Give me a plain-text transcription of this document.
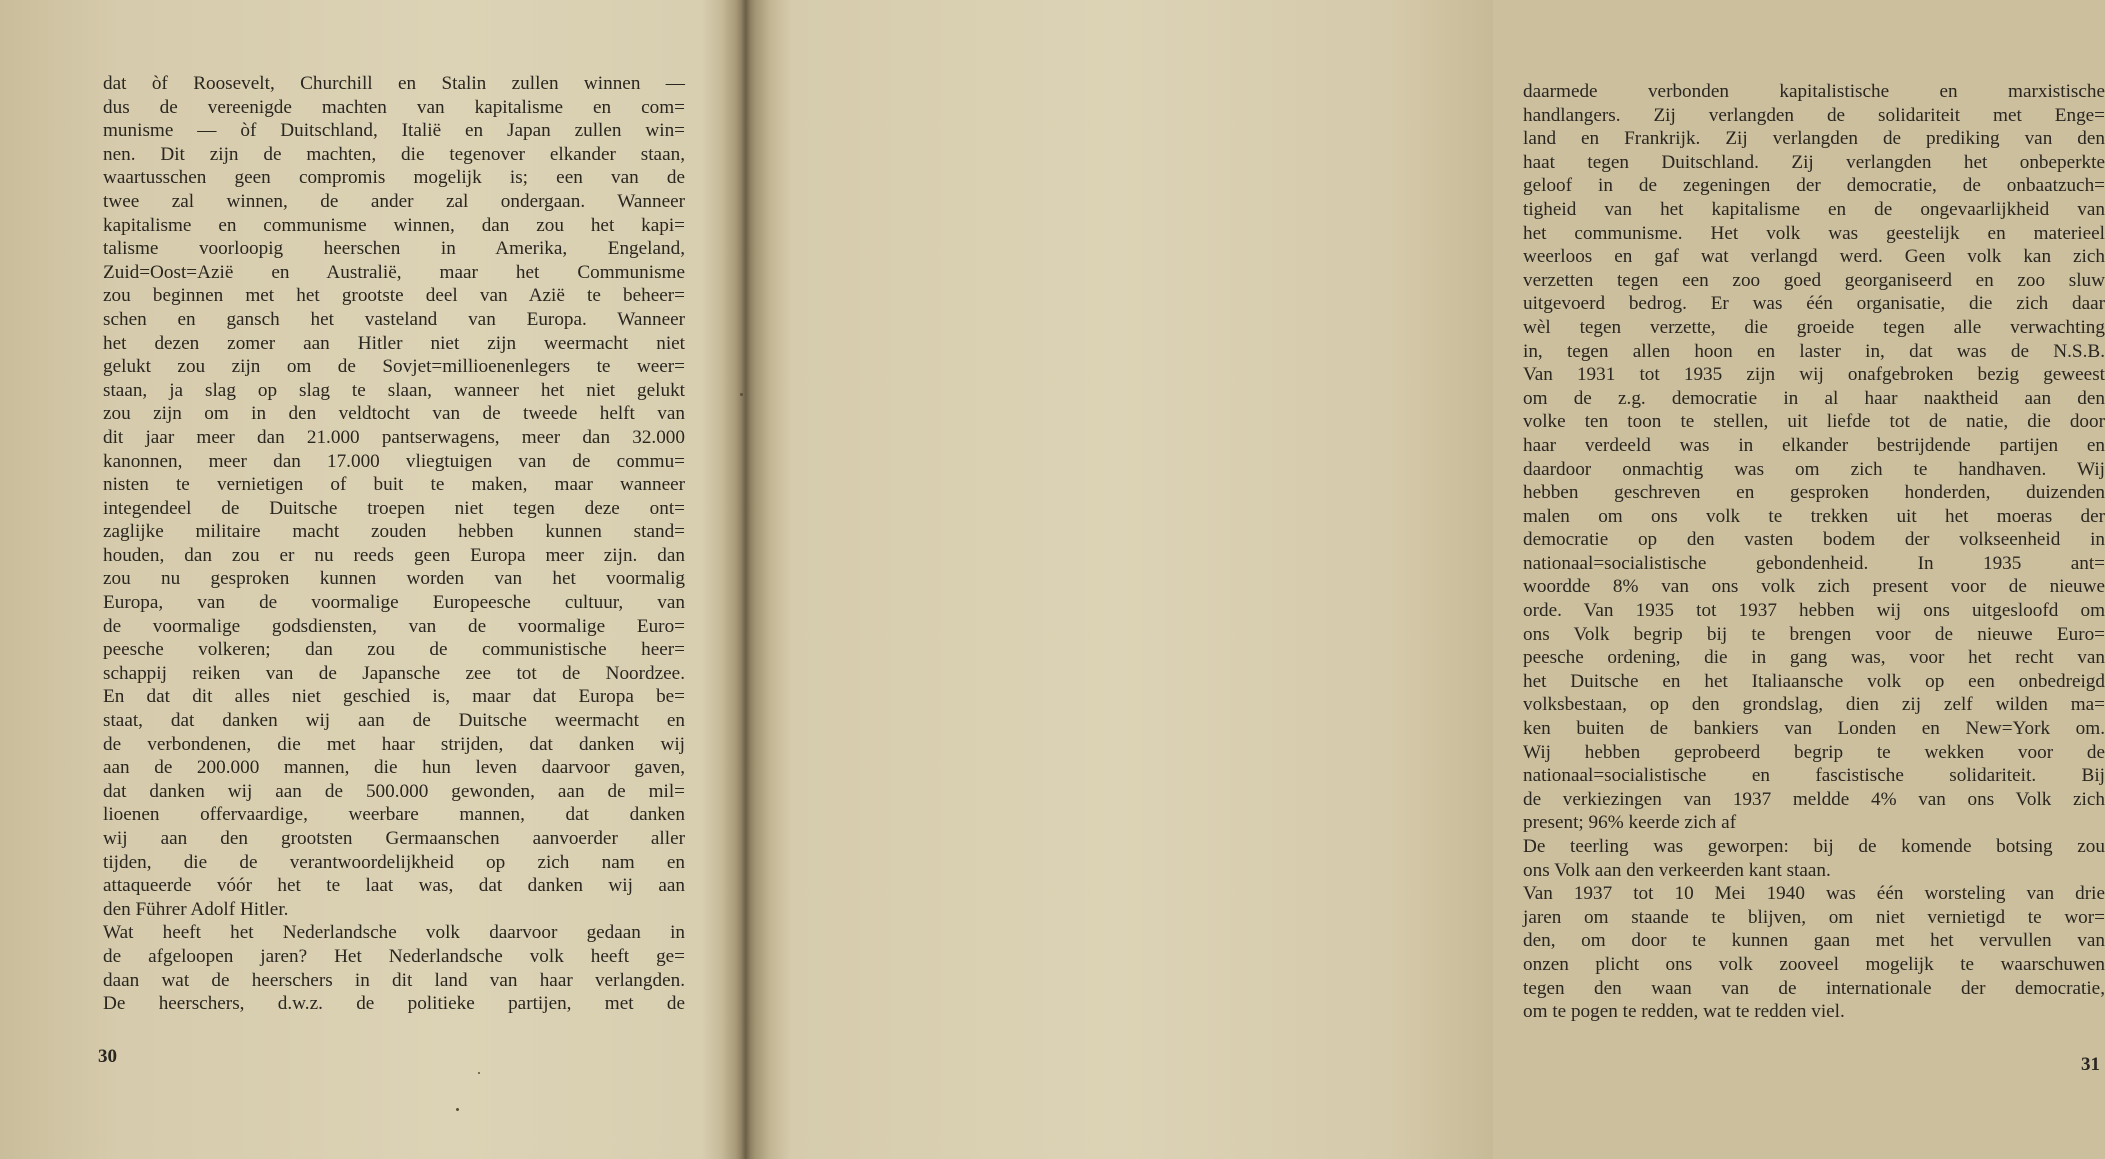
dat òf Roosevelt, Churchill en Stalin zullen winnen —
dus de vereenigde machten van kapitalisme en com=
munisme — òf Duitschland, Italië en Japan zullen win=
nen. Dit zijn de machten, die tegenover elkander staan,
waartusschen geen compromis mogelijk is; een van de
twee zal winnen, de ander zal ondergaan. Wanneer
kapitalisme en communisme winnen, dan zou het kapi=
talisme voorloopig heerschen in Amerika, Engeland,
Zuid=Oost=Azië en Australië, maar het Communisme
zou beginnen met het grootste deel van Azië te beheer=
schen en gansch het vasteland van Europa. Wanneer
het dezen zomer aan Hitler niet zijn weermacht niet
gelukt zou zijn om de Sovjet=millioenenlegers te weer=
staan, ja slag op slag te slaan, wanneer het niet gelukt
zou zijn om in den veldtocht van de tweede helft van
dit jaar meer dan 21.000 pantserwagens, meer dan 32.000
kanonnen, meer dan 17.000 vliegtuigen van de commu=
nisten te vernietigen of buit te maken, maar wanneer
integendeel de Duitsche troepen niet tegen deze ont=
zaglijke militaire macht zouden hebben kunnen stand=
houden, dan zou er nu reeds geen Europa meer zijn. dan
zou nu gesproken kunnen worden van het voormalig
Europa, van de voormalige Europeesche cultuur, van
de voormalige godsdiensten, van de voormalige Euro=
peesche volkeren; dan zou de communistische heer=
schappij reiken van de Japansche zee tot de Noordzee.
En dat dit alles niet geschied is, maar dat Europa be=
staat, dat danken wij aan de Duitsche weermacht en
de verbondenen, die met haar strijden, dat danken wij
aan de 200.000 mannen, die hun leven daarvoor gaven,
dat danken wij aan de 500.000 gewonden, aan de mil=
lioenen offervaardige, weerbare mannen, dat danken
wij aan den grootsten Germaanschen aanvoerder aller
tijden, die de verantwoordelijkheid op zich nam en
attaqueerde vóór het te laat was, dat danken wij aan
den Führer Adolf Hitler.
Wat heeft het Nederlandsche volk daarvoor gedaan in
de afgeloopen jaren? Het Nederlandsche volk heeft ge=
daan wat de heerschers in dit land van haar verlangden.
De heerschers, d.w.z. de politieke partijen, met de
30
daarmede verbonden kapitalistische en marxistische
handlangers. Zij verlangden de solidariteit met Enge=
land en Frankrijk. Zij verlangden de prediking van den
haat tegen Duitschland. Zij verlangden het onbeperkte
geloof in de zegeningen der democratie, de onbaatzuch=
tigheid van het kapitalisme en de ongevaarlijkheid van
het communisme. Het volk was geestelijk en materieel
weerloos en gaf wat verlangd werd. Geen volk kan zich
verzetten tegen een zoo goed georganiseerd en zoo sluw
uitgevoerd bedrog. Er was één organisatie, die zich daar
wèl tegen verzette, die groeide tegen alle verwachting
in, tegen allen hoon en laster in, dat was de N.S.B.
Van 1931 tot 1935 zijn wij onafgebroken bezig geweest
om de z.g. democratie in al haar naaktheid aan den
volke ten toon te stellen, uit liefde tot de natie, die door
haar verdeeld was in elkander bestrijdende partijen en
daardoor onmachtig was om zich te handhaven. Wij
hebben geschreven en gesproken honderden, duizenden
malen om ons volk te trekken uit het moeras der
democratie op den vasten bodem der volkseenheid in
nationaal=socialistische gebondenheid. In 1935 ant=
woordde 8% van ons volk zich present voor de nieuwe
orde. Van 1935 tot 1937 hebben wij ons uitgesloofd om
ons Volk begrip bij te brengen voor de nieuwe Euro=
peesche ordening, die in gang was, voor het recht van
het Duitsche en het Italiaansche volk op een onbedreigd
volksbestaan, op den grondslag, dien zij zelf wilden ma=
ken buiten de bankiers van Londen en New=York om.
Wij hebben geprobeerd begrip te wekken voor de
nationaal=socialistische en fascistische solidariteit. Bij
de verkiezingen van 1937 meldde 4% van ons Volk zich
present; 96% keerde zich af
De teerling was geworpen: bij de komende botsing zou
ons Volk aan den verkeerden kant staan.
Van 1937 tot 10 Mei 1940 was één worsteling van drie
jaren om staande te blijven, om niet vernietigd te wor=
den, om door te kunnen gaan met het vervullen van
onzen plicht ons volk zooveel mogelijk te waarschuwen
tegen den waan van de internationale der democratie,
om te pogen te redden, wat te redden viel.
31
